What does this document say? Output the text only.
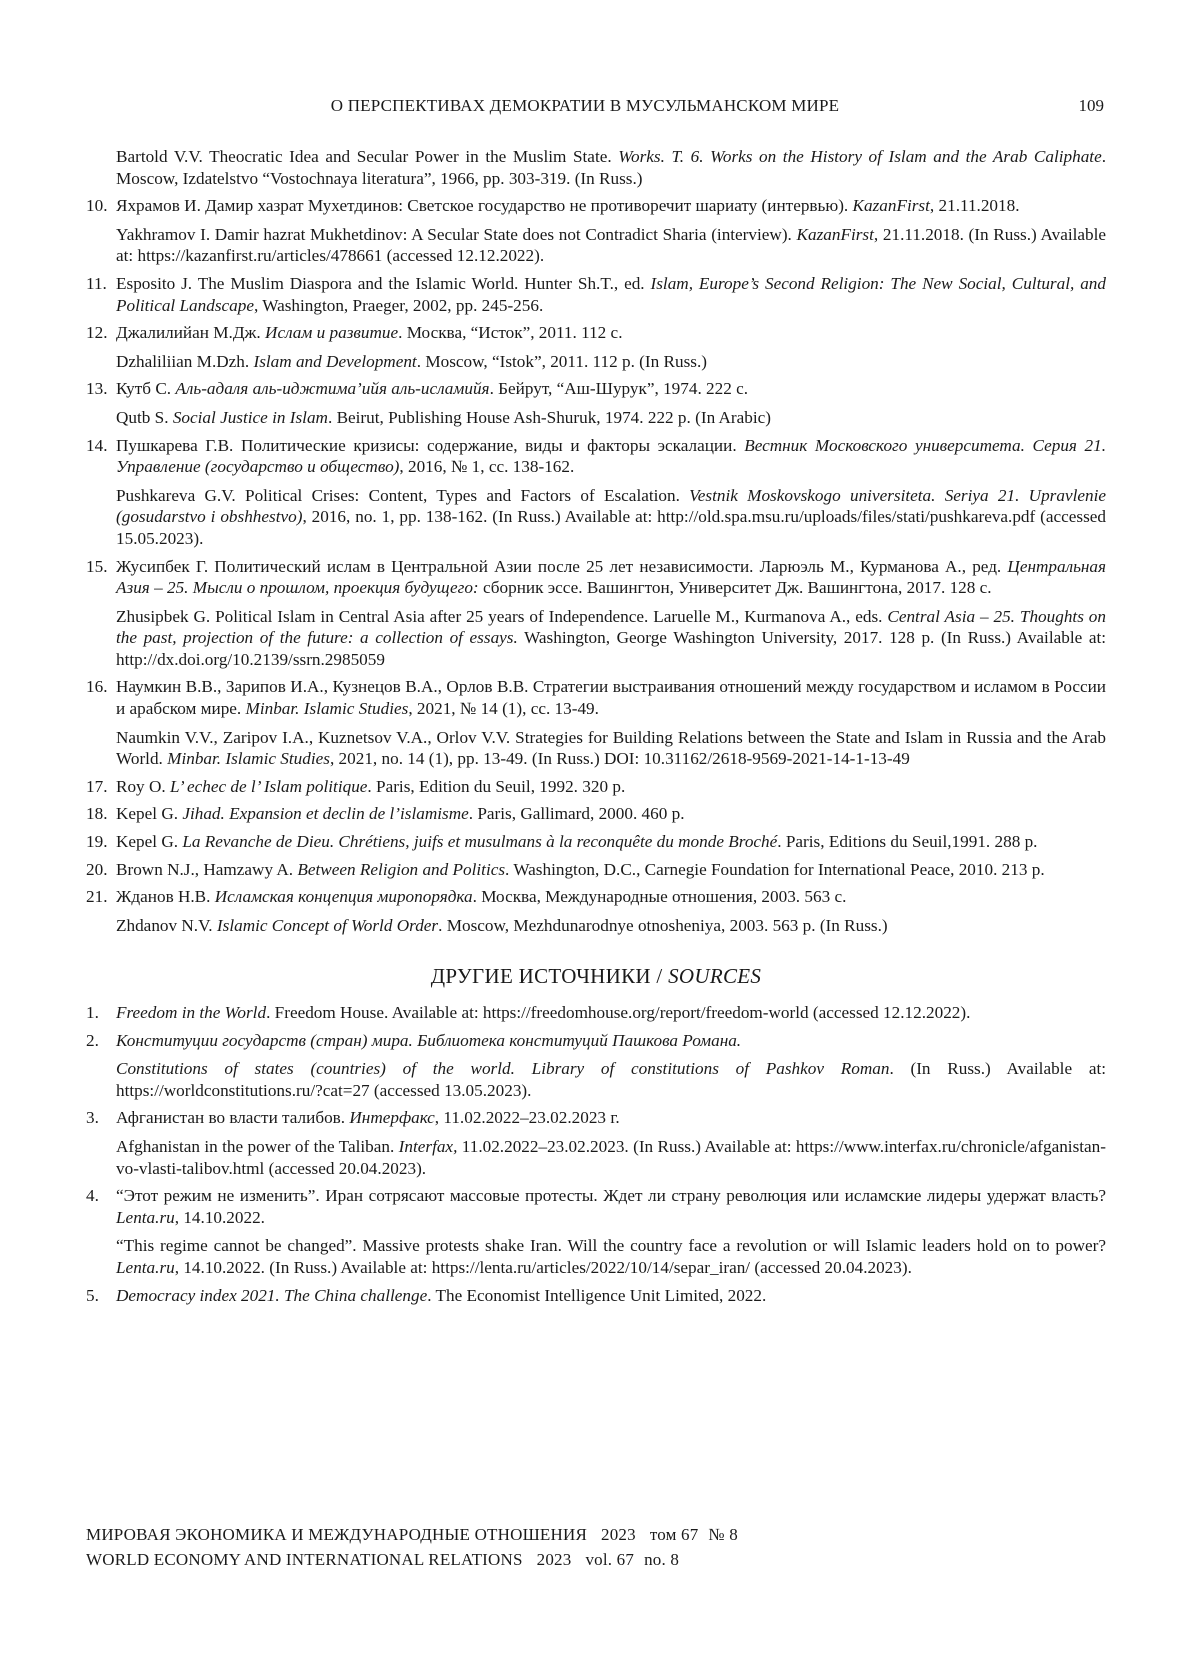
О ПЕРСПЕКТИВАХ ДЕМОКРАТИИ В МУСУЛЬМАНСКОМ МИРЕ	109

Bartold V.V. Theocratic Idea and Secular Power in the Muslim State. Works. T. 6. Works on the History of Islam and the Arab Caliphate. Moscow, Izdatelstvo “Vostochnaya literatura”, 1966, pp. 303-319. (In Russ.)

10. Яхрамов И. Дамир хазрат Мухетдинов: Светское государство не противоречит шариату (интервью). KazanFirst, 21.11.2018.

Yakhramov I. Damir hazrat Mukhetdinov: A Secular State does not Contradict Sharia (interview). KazanFirst, 21.11.2018. (In Russ.) Available at: https://kazanfirst.ru/articles/478661 (accessed 12.12.2022).

11. Esposito J. The Muslim Diaspora and the Islamic World. Hunter Sh.T., ed. Islam, Europe’s Second Religion: The New Social, Cultural, and Political Landscape, Washington, Praeger, 2002, pp. 245-256.

12. Джалилийан М.Дж. Ислам и развитие. Москва, “Исток”, 2011. 112 с.

Dzhaliliian M.Dzh. Islam and Development. Moscow, “Istok”, 2011. 112 p. (In Russ.)

13. Кутб С. Аль-адаля аль-иджтима’ийя аль-исламийя. Бейрут, “Аш-Шурук”, 1974. 222 с.

Qutb S. Social Justice in Islam. Beirut, Publishing House Ash-Shuruk, 1974. 222 p. (In Arabic)

14. Пушкарева Г.В. Политические кризисы: содержание, виды и факторы эскалации. Вестник Московского университета. Серия 21. Управление (государство и общество), 2016, № 1, сс. 138-162.

Pushkareva G.V. Political Crises: Content, Types and Factors of Escalation. Vestnik Moskovskogo universiteta. Seriya 21. Upravlenie (gosudarstvo i obshhestvo), 2016, no. 1, pp. 138-162. (In Russ.) Available at: http://old.spa.msu.ru/uploads/files/stati/pushkareva.pdf (accessed 15.05.2023).

15. Жусипбек Г. Политический ислам в Центральной Азии после 25 лет независимости. Ларюэль М., Курманова А., ред. Центральная Азия – 25. Мысли о прошлом, проекция будущего: сборник эссе. Вашингтон, Университет Дж. Вашингтона, 2017. 128 с.

Zhusipbek G. Political Islam in Central Asia after 25 years of Independence. Laruelle M., Kurmanova A., eds. Central Asia – 25. Thoughts on the past, projection of the future: a collection of essays. Washington, George Washington University, 2017. 128 p. (In Russ.) Available at: http://dx.doi.org/10.2139/ssrn.2985059

16. Наумкин В.В., Зарипов И.А., Кузнецов В.А., Орлов В.В. Стратегии выстраивания отношений между государством и исламом в России и арабском мире. Minbar. Islamic Studies, 2021, № 14 (1), сс. 13-49.

Naumkin V.V., Zaripov I.A., Kuznetsov V.A., Orlov V.V. Strategies for Building Relations between the State and Islam in Russia and the Arab World. Minbar. Islamic Studies, 2021, no. 14 (1), pp. 13-49. (In Russ.) DOI: 10.31162/2618-9569-2021-14-1-13-49

17. Roy O. L’ echec de l’ Islam politique. Paris, Edition du Seuil, 1992. 320 p.

18. Kepel G. Jihad. Expansion et declin de l’islamisme. Paris, Gallimard, 2000. 460 p.

19. Kepel G. La Revanche de Dieu. Chrétiens, juifs et musulmans à la reconquête du monde Broché. Paris, Editions du Seuil,1991. 288 p.

20. Brown N.J., Hamzawy A. Between Religion and Politics. Washington, D.C., Carnegie Foundation for International Peace, 2010. 213 p.

21. Жданов Н.В. Исламская концепция миропорядка. Москва, Международные отношения, 2003. 563 с.

Zhdanov N.V. Islamic Concept of World Order. Moscow, Mezhdunarodnye otnosheniya, 2003. 563 p. (In Russ.)

ДРУГИЕ ИСТОЧНИКИ / SOURCES
1. Freedom in the World. Freedom House. Available at: https://freedomhouse.org/report/freedom-world (accessed 12.12.2022).

2. Конституции государств (стран) мира. Библиотека конституций Пашкова Романа.

Constitutions of states (countries) of the world. Library of constitutions of Pashkov Roman. (In Russ.) Available at: https://worldconstitutions.ru/?cat=27 (accessed 13.05.2023).

3. Афганистан во власти талибов. Интерфакс, 11.02.2022–23.02.2023 г.

Afghanistan in the power of the Taliban. Interfax, 11.02.2022–23.02.2023. (In Russ.) Available at: https://www.interfax.ru/chronicle/afganistan-vo-vlasti-talibov.html (accessed 20.04.2023).

4. “Этот режим не изменить”. Иран сотрясают массовые протесты. Ждет ли страну революция или исламские лидеры удержат власть? Lenta.ru, 14.10.2022.

“This regime cannot be changed”. Massive protests shake Iran. Will the country face a revolution or will Islamic leaders hold on to power? Lenta.ru, 14.10.2022. (In Russ.) Available at: https://lenta.ru/articles/2022/10/14/separ_iran/ (accessed 20.04.2023).

5. Democracy index 2021. The China challenge. The Economist Intelligence Unit Limited, 2022.

МИРОВАЯ ЭКОНОМИКА И МЕЖДУНАРОДНЫЕ ОТНОШЕНИЯ 2023 том 67 № 8
WORLD ECONOMY AND INTERNATIONAL RELATIONS 2023 vol. 67 no. 8
